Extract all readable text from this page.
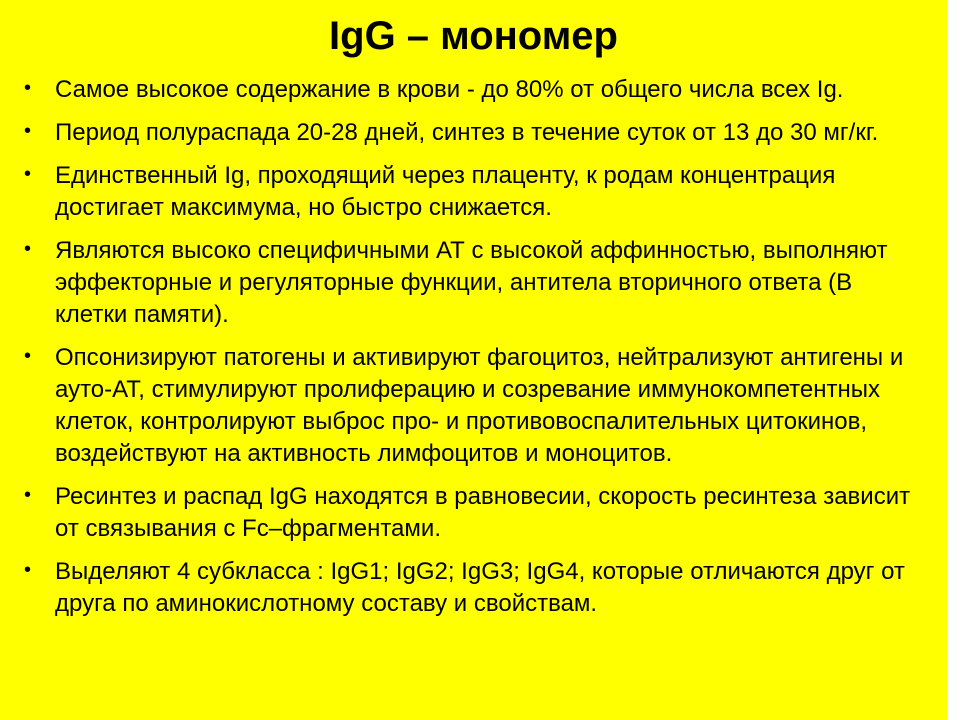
IgG – мономер
• Самое высокое содержание в крови - до 80% от общего числа всех Ig.
• Период полураспада 20-28 дней, синтез в течение суток от 13 до 30 мг/кг.
• Единственный Ig, проходящий через плаценту, к родам концентрация достигает максимума, но быстро снижается.
• Являются высоко специфичными АТ с высокой аффинностью, выполняют эффекторные и регуляторные функции, антитела вторичного ответа (В клетки памяти).
• Опсонизируют патогены и активируют фагоцитоз, нейтрализуют антигены и ауто-АТ, стимулируют пролиферацию и созревание иммунокомпетентных клеток, контролируют выброс про- и противовоспалительных цитокинов, воздействуют на активность лимфоцитов и моноцитов.
• Ресинтез и распад IgG находятся в равновесии, скорость ресинтеза зависит от связывания с Fc–фрагментами.
• Выделяют 4 субкласса : IgG1; IgG2; IgG3; IgG4, которые отличаются друг от друга по аминокислотному составу и свойствам.
